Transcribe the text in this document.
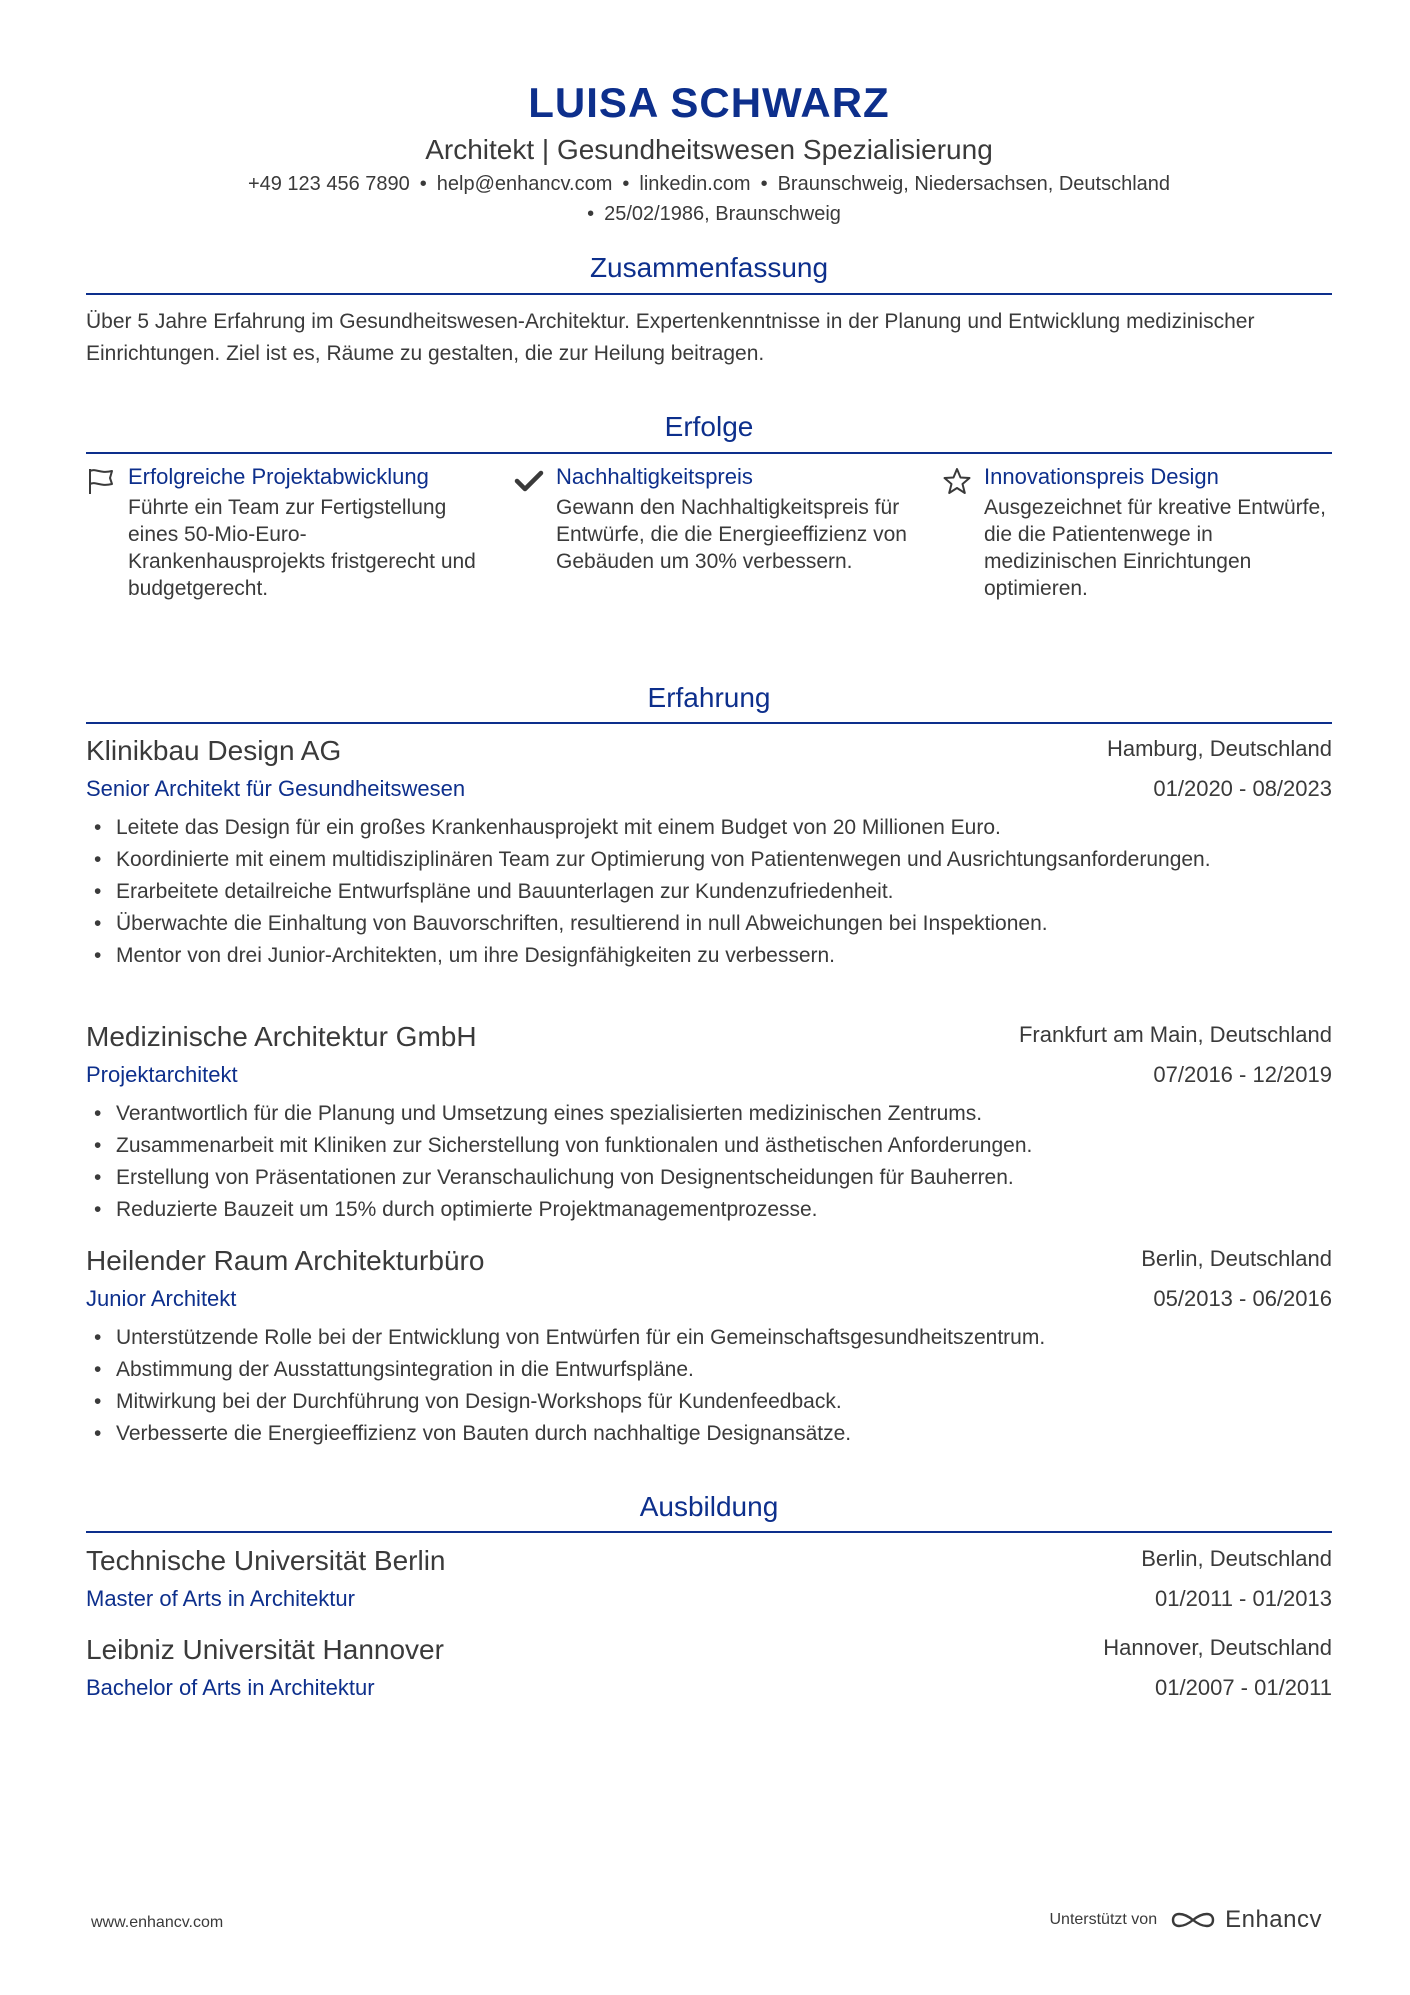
LUISA SCHWARZ
Architekt | Gesundheitswesen Spezialisierung
+49 123 456 7890 • help@enhancv.com • linkedin.com • Braunschweig, Niedersachsen, Deutschland
• 25/02/1986, Braunschweig
Zusammenfassung
Über 5 Jahre Erfahrung im Gesundheitswesen-Architektur. Expertenkenntnisse in der Planung und Entwicklung medizinischer Einrichtungen. Ziel ist es, Räume zu gestalten, die zur Heilung beitragen.
Erfolge
Erfolgreiche Projektabwicklung
Führte ein Team zur Fertigstellung eines 50-Mio-Euro-Krankenhausprojekts fristgerecht und budgetgerecht.
Nachhaltigkeitspreis
Gewann den Nachhaltigkeitspreis für Entwürfe, die die Energieeffizienz von Gebäuden um 30% verbessern.
Innovationspreis Design
Ausgezeichnet für kreative Entwürfe, die die Patientenwege in medizinischen Einrichtungen optimieren.
Erfahrung
Klinikbau Design AG	Hamburg, Deutschland
Senior Architekt für Gesundheitswesen	01/2020 - 08/2023
• Leitete das Design für ein großes Krankenhausprojekt mit einem Budget von 20 Millionen Euro.
• Koordinierte mit einem multidisziplinären Team zur Optimierung von Patientenwegen und Ausrichtungsanforderungen.
• Erarbeitete detailreiche Entwurfspläne und Bauunterlagen zur Kundenzufriedenheit.
• Überwachte die Einhaltung von Bauvorschriften, resultierend in null Abweichungen bei Inspektionen.
• Mentor von drei Junior-Architekten, um ihre Designfähigkeiten zu verbessern.
Medizinische Architektur GmbH	Frankfurt am Main, Deutschland
Projektarchitekt	07/2016 - 12/2019
• Verantwortlich für die Planung und Umsetzung eines spezialisierten medizinischen Zentrums.
• Zusammenarbeit mit Kliniken zur Sicherstellung von funktionalen und ästhetischen Anforderungen.
• Erstellung von Präsentationen zur Veranschaulichung von Designentscheidungen für Bauherren.
• Reduzierte Bauzeit um 15% durch optimierte Projektmanagementprozesse.
Heilender Raum Architekturbüro	Berlin, Deutschland
Junior Architekt	05/2013 - 06/2016
• Unterstützende Rolle bei der Entwicklung von Entwürfen für ein Gemeinschaftsgesundheitszentrum.
• Abstimmung der Ausstattungsintegration in die Entwurfspläne.
• Mitwirkung bei der Durchführung von Design-Workshops für Kundenfeedback.
• Verbesserte die Energieeffizienz von Bauten durch nachhaltige Designansätze.
Ausbildung
Technische Universität Berlin	Berlin, Deutschland
Master of Arts in Architektur	01/2011 - 01/2013
Leibniz Universität Hannover	Hannover, Deutschland
Bachelor of Arts in Architektur	01/2007 - 01/2011
www.enhancv.com	Unterstützt von	Enhancv
